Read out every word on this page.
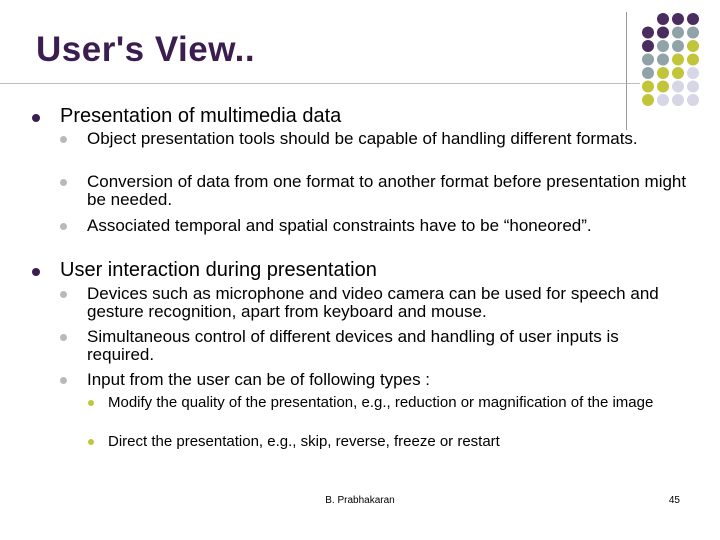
User's View..
Presentation of multimedia data
Object presentation tools should be capable of handling different formats.
Conversion of data from one format to another format before presentation might be needed.
Associated temporal and spatial constraints have to be “honeored”.
User interaction during presentation
Devices such as microphone and video camera can be used for speech and gesture recognition, apart from keyboard and mouse.
Simultaneous control of different devices and handling of user inputs is required.
Input from the user can be of following types :
Modify the quality of the presentation, e.g., reduction or magnification of the image
Direct the presentation, e.g., skip, reverse, freeze or restart
B. Prabhakaran	45
